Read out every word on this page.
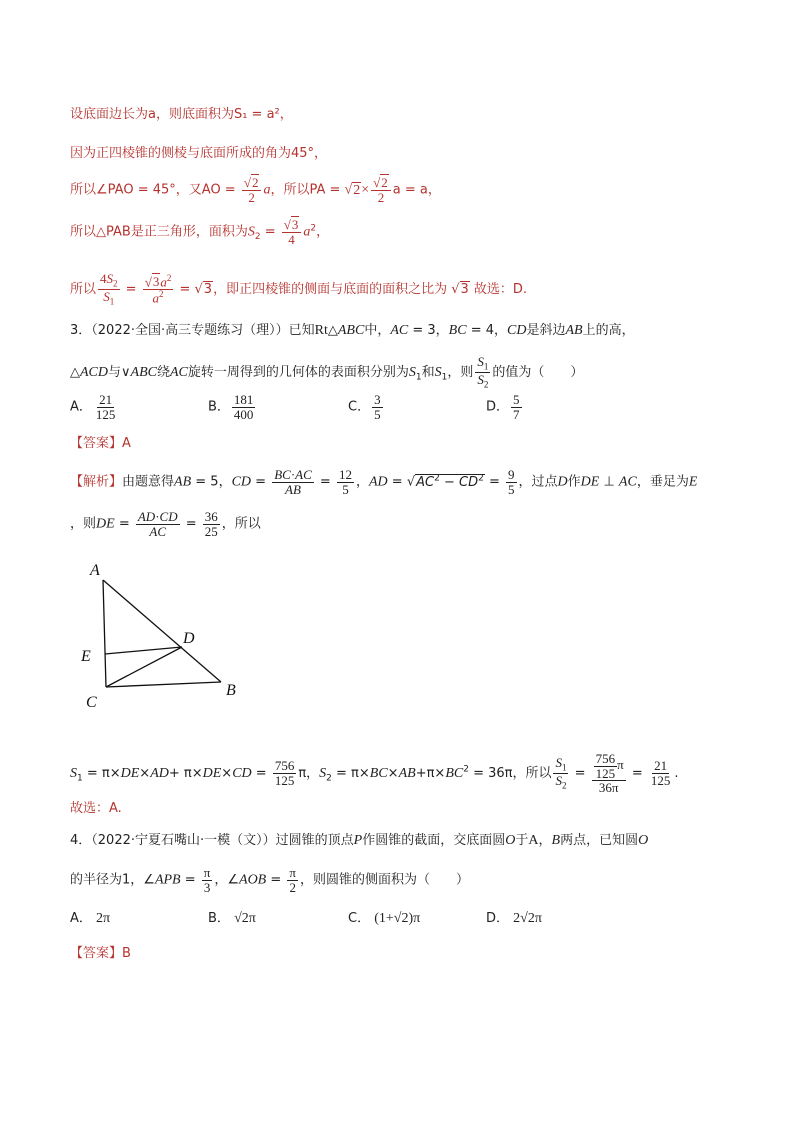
设底面边长为a，则底面积为S₁ = a²，
因为正四棱锥的侧棱与底面所成的角为45°，
所以∠PAO = 45°，又AO = $\frac{√2}{2}$ a，所以PA = $√2\times \frac{√2}{2}$ a = a，
所以△PAB是正三角形，面积为$S_2 = \frac{√3}{4} a^2$，
所以 $\frac{4S_2}{S_1} = \frac{√3a^2}{a^2} = √3$，即正四棱锥的侧面与底面的面积之比为 √3 故选：D.
3．（2022·全国·高三专题练习（理））已知Rt△ABC中，AC = 3，BC = 4，CD是斜边AB上的高，
△ACD与∨ABC绕AC旋转一周得到的几何体的表面积分别为$S_1$和$S_1$，则 $\frac{S_1}{S_2}$ 的值为（　　）
A． $\frac{21}{125}$	B． $\frac{181}{400}$	C． $\frac{3}{5}$	D． $\frac{5}{7}$
【答案】A
【解析】由题意得AB = 5，CD = $\frac{BC\cdot AC}{AB} = \frac{12}{5}$ ，AD = $√AC^2 - CD^2 = \frac{9}{5}$ ，过点D作DE ⊥ AC，垂足为E
，则DE = $\frac{AD\cdot CD}{AC} = \frac{36}{25}$ ，所以
A
B
C
D
E
$S_1 = \pi\times DE\times AD+ \pi\times DE\times CD = \frac{756}{125}$ π，$S_2 = \pi\times BC\times AB+\pi\times BC^2 = 36\pi$，所以 $\frac{S_1}{S_2} = \frac{\frac{756}{125} \pi}{36\pi} = \frac{21}{125}$ .
故选：A.
4．（2022·宁夏石嘴山·一模（文））过圆锥的顶点P作圆锥的截面，交底面圆O于A，B两点，已知圆O
的半径为1，∠APB = $\frac{\pi}{3}$ ，∠AOB = $\frac{\pi}{2}$ ，则圆锥的侧面积为（　　）
A． 2π	B． √2π	C． (1+√2)π	D． 2√2π
【答案】B
